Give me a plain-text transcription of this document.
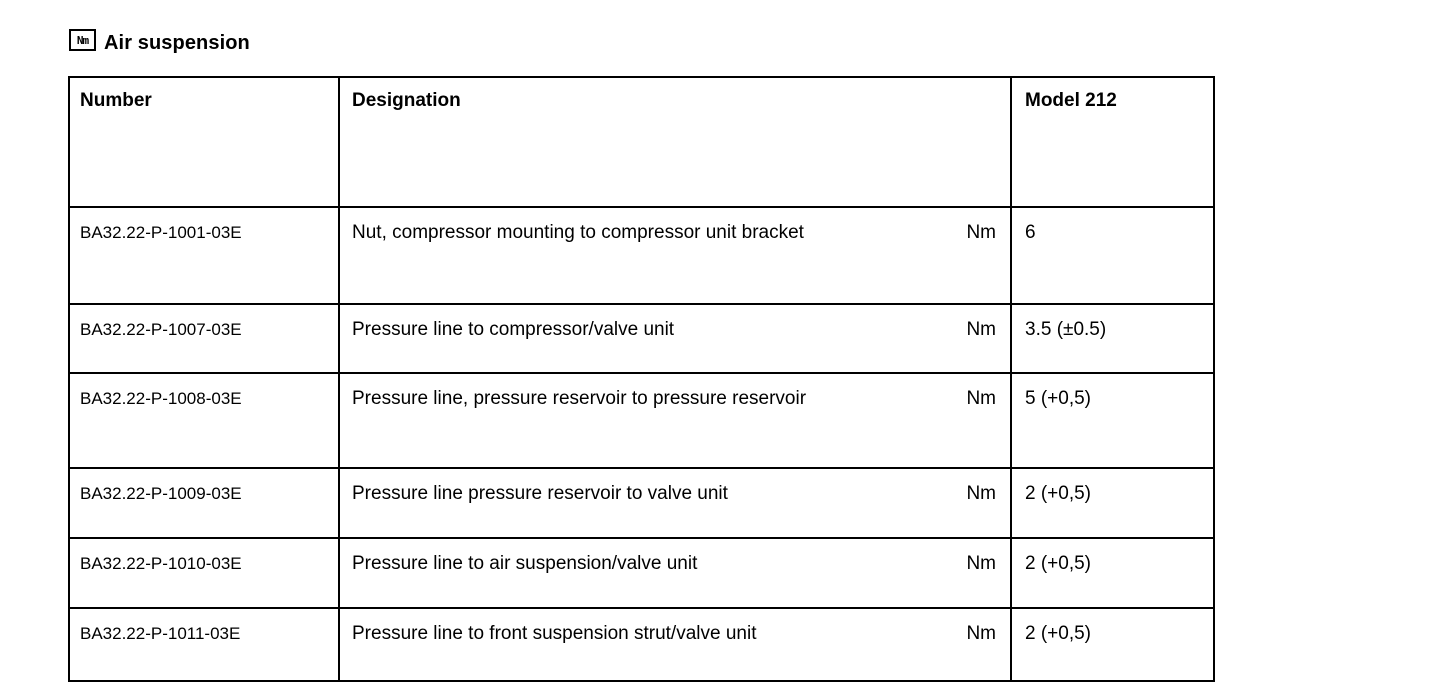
Nm Air suspension
Number	Designation	Model 212

BA32.22-P-1001-03E	Nut, compressor mounting to compressor unit bracket Nm	6

BA32.22-P-1007-03E	Pressure line to compressor/valve unit Nm	3.5 (±0.5)

BA32.22-P-1008-03E	Pressure line, pressure reservoir to pressure reservoir Nm	5 (+0,5)

BA32.22-P-1009-03E	Pressure line pressure reservoir to valve unit Nm	2 (+0,5)

BA32.22-P-1010-03E	Pressure line to air suspension/valve unit Nm	2 (+0,5)

BA32.22-P-1011-03E	Pressure line to front suspension strut/valve unit Nm	2 (+0,5)
